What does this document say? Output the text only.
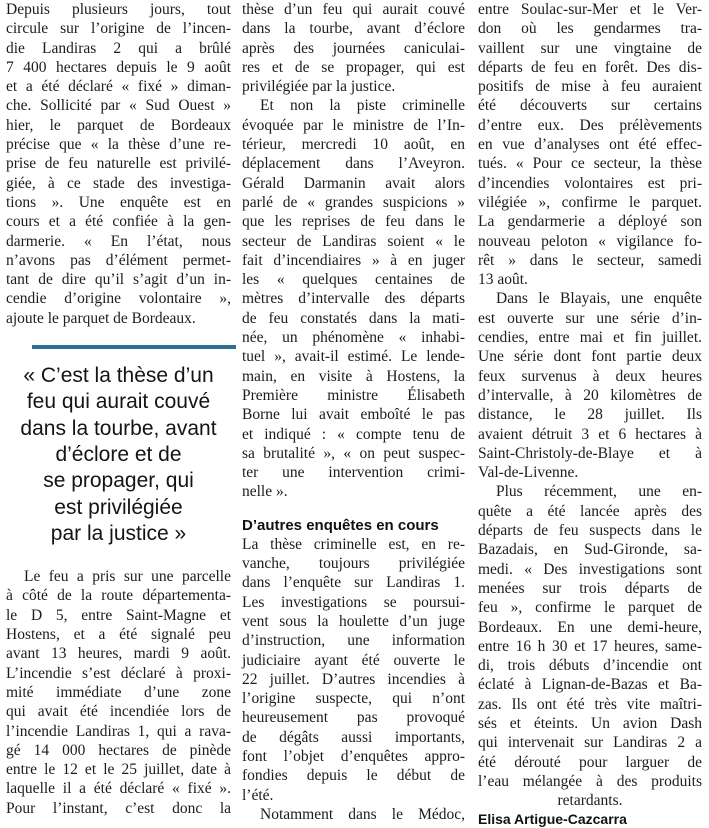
Depuis plusieurs jours, tout
circule sur l’origine de l’incen-
die Landiras 2 qui a brûlé
7 400 hectares depuis le 9 août
et a été déclaré « fixé » diman-
che. Sollicité par « Sud Ouest »
hier, le parquet de Bordeaux
précise que « la thèse d’une re-
prise de feu naturelle est privilé-
giée, à ce stade des investiga-
tions ». Une enquête est en
cours et a été confiée à la gen-
darmerie. « En l’état, nous
n’avons pas d’élément permet-
tant de dire qu’il s’agit d’un in-
cendie d’origine volontaire »,
ajoute le parquet de Bordeaux.

« C’est la thèse d’un
feu qui aurait couvé
dans la tourbe, avant
d’éclore et de
se propager, qui
est privilégiée
par la justice »

Le feu a pris sur une parcelle
à côté de la route départementa-
le D 5, entre Saint-Magne et
Hostens, et a été signalé peu
avant 13 heures, mardi 9 août.
L’incendie s’est déclaré à proxi-
mité immédiate d’une zone
qui avait été incendiée lors de
l’incendie Landiras 1, qui a rava-
gé 14 000 hectares de pinède
entre le 12 et le 25 juillet, date à
laquelle il a été déclaré « fixé ».
Pour l’instant, c’est donc la

thèse d’un feu qui aurait couvé
dans la tourbe, avant d’éclore
après des journées caniculai-
res et de se propager, qui est
privilégiée par la justice.

Et non la piste criminelle
évoquée par le ministre de l’In-
térieur, mercredi 10 août, en
déplacement dans l’Aveyron.
Gérald Darmanin avait alors
parlé de « grandes suspicions »
que les reprises de feu dans le
secteur de Landiras soient « le
fait d’incendiaires » à en juger
les « quelques centaines de
mètres d’intervalle des départs
de feu constatés dans la mati-
née, un phénomène « inhabi-
tuel », avait-il estimé. Le lende-
main, en visite à Hostens, la
Première ministre Élisabeth
Borne lui avait emboîté le pas
et indiqué : « compte tenu de
sa brutalité », « on peut suspec-
ter une intervention crimi-
nelle ».

D’autres enquêtes en cours

La thèse criminelle est, en re-
vanche, toujours privilégiée
dans l’enquête sur Landiras 1.
Les investigations se poursui-
vent sous la houlette d’un juge
d’instruction, une information
judiciaire ayant été ouverte le
22 juillet. D’autres incendies à
l’origine suspecte, qui n’ont
heureusement pas provoqué
de dégâts aussi importants,
font l’objet d’enquêtes appro-
fondies depuis le début de
l’été.

Notamment dans le Médoc,

entre Soulac-sur-Mer et le Ver-
don où les gendarmes tra-
vaillent sur une vingtaine de
départs de feu en forêt. Des dis-
positifs de mise à feu auraient
été découverts sur certains
d’entre eux. Des prélèvements
en vue d’analyses ont été effec-
tués. « Pour ce secteur, la thèse
d’incendies volontaires est pri-
vilégiée », confirme le parquet.
La gendarmerie a déployé son
nouveau peloton « vigilance fo-
rêt » dans le secteur, samedi
13 août.

Dans le Blayais, une enquête
est ouverte sur une série d’in-
cendies, entre mai et fin juillet.
Une série dont font partie deux
feux survenus à deux heures
d’intervalle, à 20 kilomètres de
distance, le 28 juillet. Ils
avaient détruit 3 et 6 hectares à
Saint-Christoly-de-Blaye et à
Val-de-Livenne.

Plus récemment, une en-
quête a été lancée après des
départs de feu suspects dans le
Bazadais, en Sud-Gironde, sa-
medi. « Des investigations sont
menées sur trois départs de
feu », confirme le parquet de
Bordeaux. En une demi-heure,
entre 16 h 30 et 17 heures, same-
di, trois débuts d’incendie ont
éclaté à Lignan-de-Bazas et Ba-
zas. Ils ont été très vite maîtri-
sés et éteints. Un avion Dash
qui intervenait sur Landiras 2 a
été dérouté pour larguer de
l’eau mélangée à des produits
retardants.

Elisa Artigue-Cazcarra
